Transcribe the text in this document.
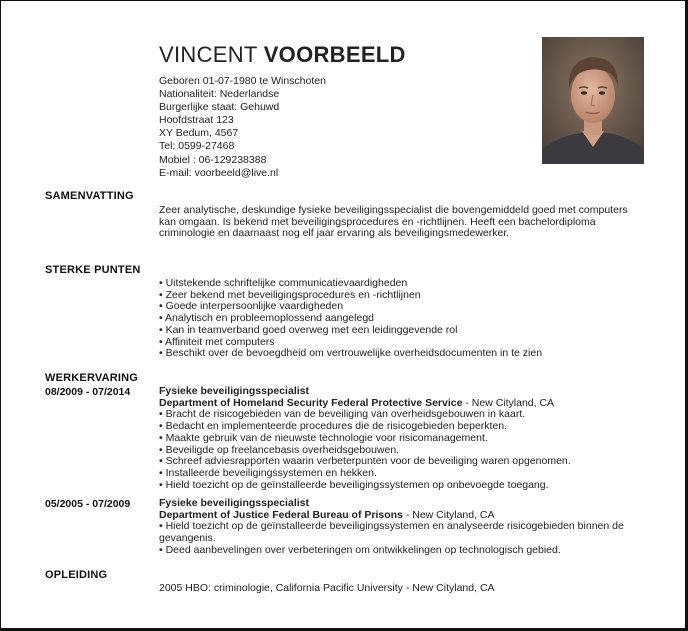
VINCENT VOORBEELD
Geboren 01-07-1980 te Winschoten
Nationaliteit: Nederlandse
Burgerlijke staat: Gehuwd
Hoofdstraat 123
XY Bedum, 4567
Tel: 0599-27468
Mobiel : 06-129238388
E-mail: voorbeeld@live.nl
SAMENVATTING
Zeer analytische, deskundige fysieke beveiligingsspecialist die bovengemiddeld goed met computers kan omgaan. Is bekend met beveiligingsprocedures en -richtlijnen. Heeft een bachelordiploma criminologie en daarnaast nog elf jaar ervaring als beveiligingsmedewerker.
STERKE PUNTEN
• Uitstekende schriftelijke communicatievaardigheden
• Zeer bekend met beveiligingsprocedures en -richtlijnen
• Goede interpersoonlijke vaardigheden
• Analytisch en probleemoplossend aangelegd
• Kan in teamverband goed overweg met een leidinggevende rol
• Affiniteit met computers
• Beschikt over de bevoegdheid om vertrouwelijke overheidsdocumenten in te zien
WERKERVARING
08/2009 - 07/2014	Fysieke beveiligingsspecialist
Department of Homeland Security Federal Protective Service - New Cityland, CA
• Bracht de risicogebieden van de beveiliging van overheidsgebouwen in kaart.
• Bedacht en implementeerde procedures die de risicogebieden beperkten.
• Maakte gebruik van de nieuwste technologie voor risicomanagement.
• Beveiligde op freelancebasis overheidsgebouwen.
• Schreef adviesrapporten waarin verbeterpunten voor de beveiliging waren opgenomen.
• Installeerde beveiligingssystemen en hekken.
• Hield toezicht op de geïnstalleerde beveiligingssystemen op onbevoegde toegang.
05/2005 - 07/2009	Fysieke beveiligingsspecialist
Department of Justice Federal Bureau of Prisons - New Cityland, CA
• Hield toezicht op de geïnstalleerde beveiligingssystemen en analyseerde risicogebieden binnen de gevangenis.
• Deed aanbevelingen over verbeteringen om ontwikkelingen op technologisch gebied.
OPLEIDING
2005 HBO: criminologie, California Pacific University - New Cityland, CA
